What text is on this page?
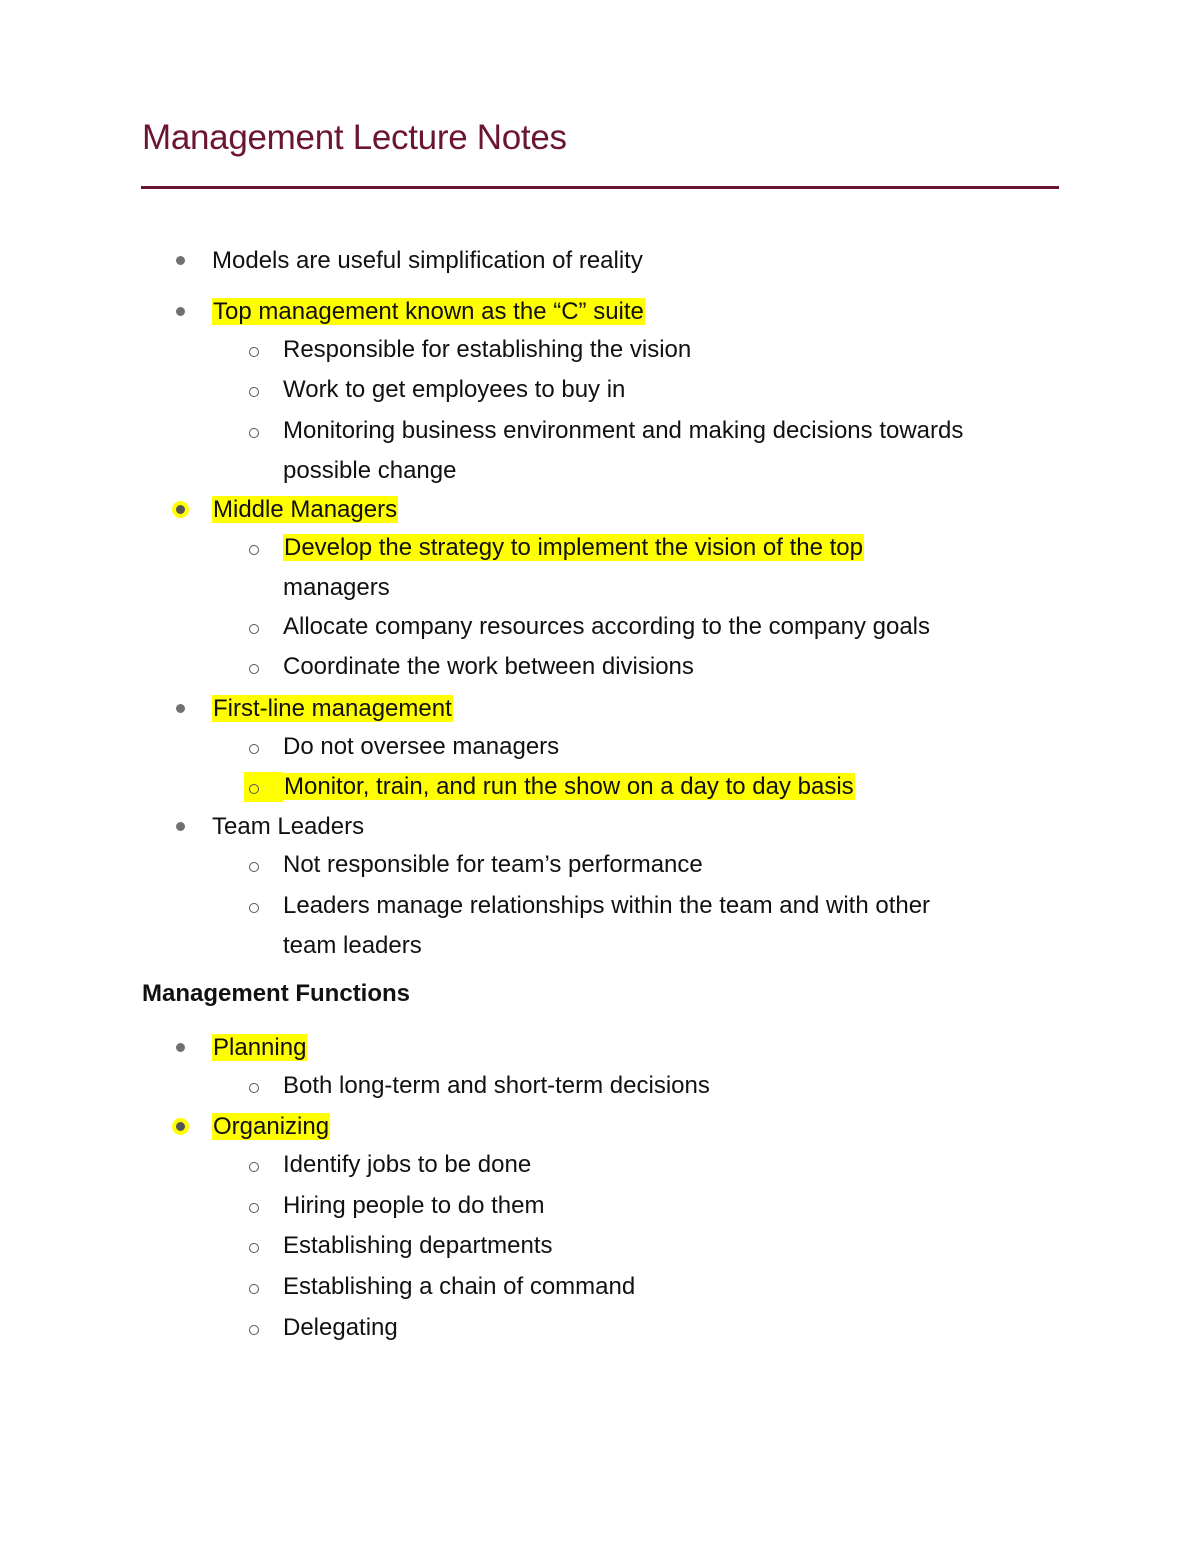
Management Lecture Notes
Models are useful simplification of reality
Top management known as the “C” suite
Responsible for establishing the vision
Work to get employees to buy in
Monitoring business environment and making decisions towards
possible change
Middle Managers
Develop the strategy to implement the vision of the top
managers
Allocate company resources according to the company goals
Coordinate the work between divisions
First-line management
Do not oversee managers
Monitor, train, and run the show on a day to day basis
Team Leaders
Not responsible for team’s performance
Leaders manage relationships within the team and with other
team leaders
Management Functions
Planning
Both long-term and short-term decisions
Organizing
Identify jobs to be done
Hiring people to do them
Establishing departments
Establishing a chain of command
Delegating
